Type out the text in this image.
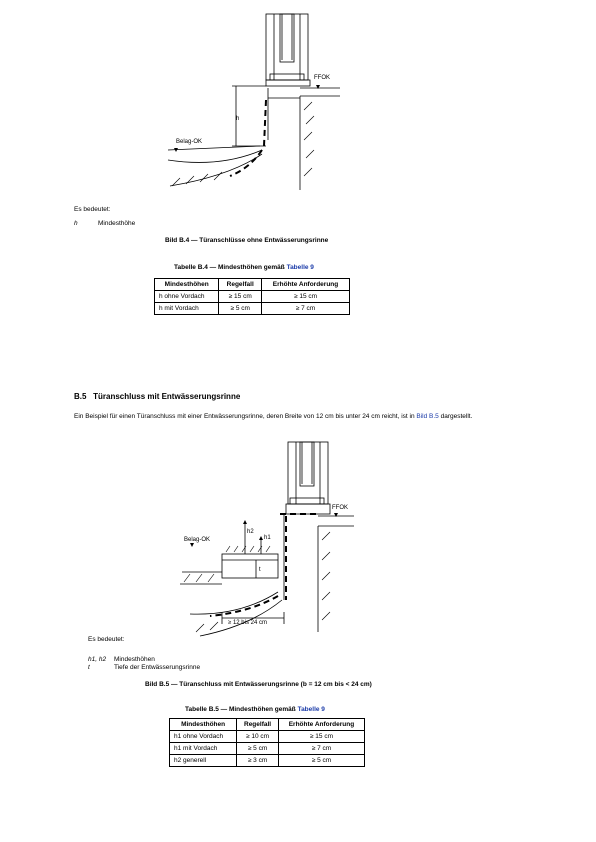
FFOK
h
Belag-OK
Es bedeutet:
h	Mindesthöhe
Bild B.4 — Türanschlüsse ohne Entwässerungsrinne
Tabelle B.4 — Mindesthöhen gemäß Tabelle 9
Mindesthöhen	Regelfall	Erhöhte Anforderung
h ohne Vordach	≥ 15 cm	≥ 15 cm
h mit Vordach	≥ 5 cm	≥ 7 cm
B.5 Türanschluss mit Entwässerungsrinne
Ein Beispiel für einen Türanschluss mit einer Entwässerungsrinne, deren Breite von 12 cm bis unter 24 cm reicht, ist in Bild B.5 dargestellt.
FFOK
Belag-OK	h1
h2
t
≥ 12 bis 24 cm
Es bedeutet:
h1, h2 Mindesthöhen
t	Tiefe der Entwässerungsrinne
Bild B.5 — Türanschluss mit Entwässerungsrinne (b = 12 cm bis < 24 cm)
Tabelle B.5 — Mindesthöhen gemäß Tabelle 9
Mindesthöhen	Regelfall	Erhöhte Anforderung
h1 ohne Vordach	≥ 10 cm	≥ 15 cm
h1 mit Vordach	≥ 5 cm	≥ 7 cm
h2 generell	≥ 3 cm	≥ 5 cm
